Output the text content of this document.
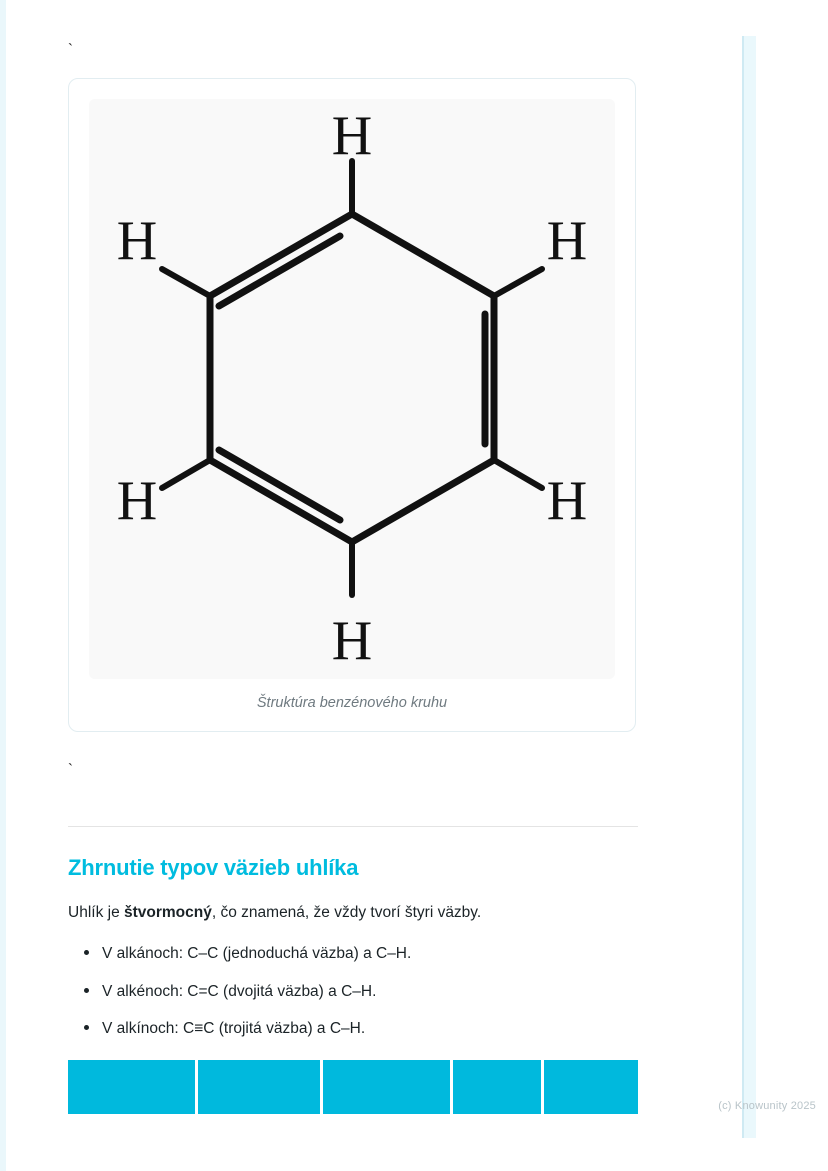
(c) Knowunity 2025
`
H
H	H
H	H
H
Štruktúra benzénového kruhu
`
Zhrnutie typov väzieb uhlíka

Uhlík je štvormocný, čo znamená, že vždy tvorí štyri väzby.

V alkánoch: C–C (jednoduchá väzba) a C–H.
V alkénoch: C=C (dvojitá väzba) a C–H.
V alkínoch: C≡C (trojitá väzba) a C–H.
